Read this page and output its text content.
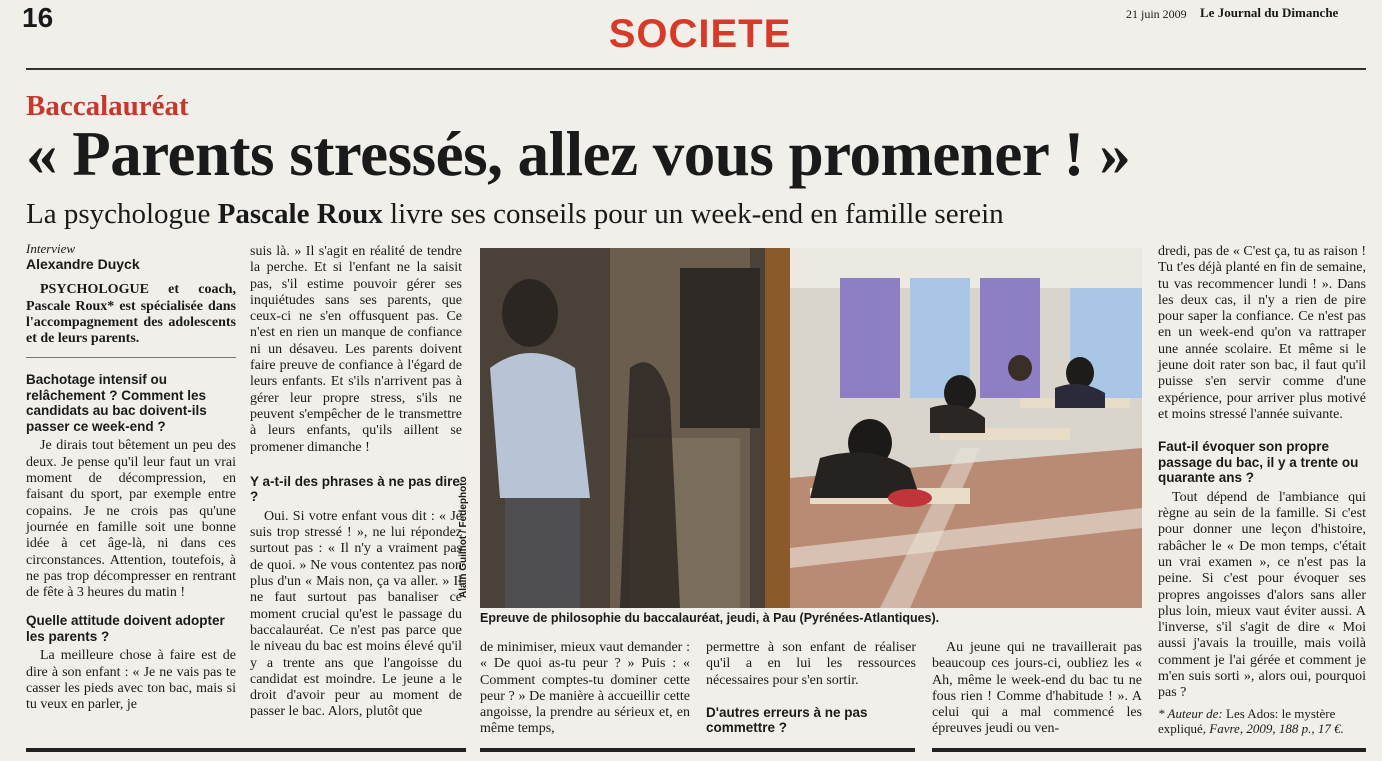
16	SOCIETE	21 juin 2009 Le Journal du Dimanche
Baccalauréat
« Parents stressés, allez vous promener ! »
La psychologue Pascale Roux livre ses conseils pour un week-end en famille serein
Interview
Alexandre Duyck

PSYCHOLOGUE et coach, Pascale Roux* est spécialisée dans l'accompagnement des adolescents et de leurs parents.

Bachotage intensif ou relâchement ? Comment les candidats au bac doivent-ils passer ce week-end ?

Je dirais tout bêtement un peu des deux. Je pense qu'il leur faut un vrai moment de décompression, en faisant du sport, par exemple entre copains. Je ne crois pas qu'une journée en famille soit une bonne idée à cet âge-là, ni dans ces circonstances. Attention, toutefois, à ne pas trop décompresser en rentrant de fête à 3 heures du matin !

Quelle attitude doivent adopter les parents ?

La meilleure chose à faire est de dire à son enfant : « Je ne vais pas te casser les pieds avec ton bac, mais si tu veux en parler, je

suis là. » Il s'agit en réalité de tendre la perche. Et si l'enfant ne la saisit pas, s'il estime pouvoir gérer ses inquiétudes sans ses parents, que ceux-ci ne s'en offusquent pas. Ce n'est en rien un manque de confiance ni un désaveu. Les parents doivent faire preuve de confiance à l'égard de leurs enfants. Et s'ils n'arrivent pas à gérer leur propre stress, s'ils ne peuvent s'empêcher de le transmettre à leurs enfants, qu'ils aillent se promener dimanche !

Y a-t-il des phrases à ne pas dire ?

Oui. Si votre enfant vous dit : « Je suis trop stressé ! », ne lui répondez surtout pas : « Il n'y a vraiment pas de quoi. » Ne vous contentez pas non plus d'un « Mais non, ça va aller. » Il ne faut surtout pas banaliser ce moment crucial qu'est le passage du baccalauréat. Ce n'est pas parce que le niveau du bac est moins élevé qu'il y a trente ans que l'angoisse du candidat est moindre. Le jeune a le droit d'avoir peur au moment de passer le bac. Alors, plutôt que

Alain Guilhot / Fedephoto
Epreuve de philosophie du baccalauréat, jeudi, à Pau (Pyrénées-Atlantiques).

de minimiser, mieux vaut demander : « De quoi as-tu peur ? » Puis : « Comment comptes-tu dominer cette peur ? » De manière à accueillir cette angoisse, la prendre au sérieux et, en même temps,

permettre à son enfant de réaliser qu'il a en lui les ressources nécessaires pour s'en sortir.

D'autres erreurs à ne pas commettre ?

Au jeune qui ne travaillerait pas beaucoup ces jours-ci, oubliez les « Ah, même le week-end du bac tu ne fous rien ! Comme d'habitude ! ». A celui qui a mal commencé les épreuves jeudi ou ven-

dredi, pas de « C'est ça, tu as raison ! Tu t'es déjà planté en fin de semaine, tu vas recommencer lundi ! ». Dans les deux cas, il n'y a rien de pire pour saper la confiance. Ce n'est pas en un week-end qu'on va rattraper une année scolaire. Et même si le jeune doit rater son bac, il faut qu'il puisse s'en servir comme d'une expérience, pour arriver plus motivé et moins stressé l'année suivante.

Faut-il évoquer son propre passage du bac, il y a trente ou quarante ans ?

Tout dépend de l'ambiance qui règne au sein de la famille. Si c'est pour donner une leçon d'histoire, rabâcher le « De mon temps, c'était un vrai examen », ce n'est pas la peine. Si c'est pour évoquer ses propres angoisses d'alors sans aller plus loin, mieux vaut éviter aussi. A l'inverse, s'il s'agit de dire « Moi aussi j'avais la trouille, mais voilà comment je l'ai gérée et comment je m'en suis sorti », alors oui, pourquoi pas ?

* Auteur de: Les Ados: le mystère expliqué, Favre, 2009, 188 p., 17 €.
